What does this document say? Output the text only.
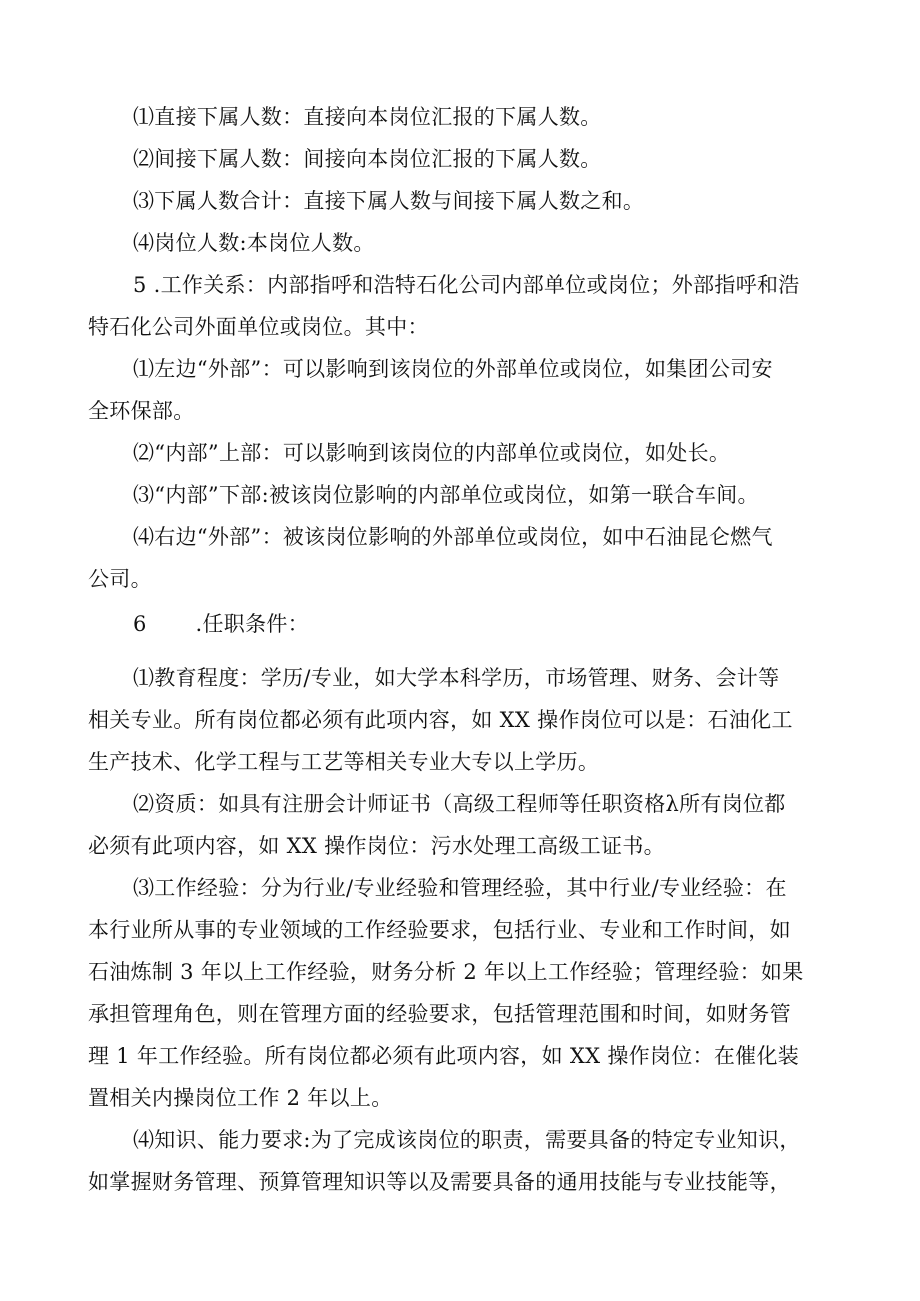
⑴直接下属人数：直接向本岗位汇报的下属人数。

⑵间接下属人数：间接向本岗位汇报的下属人数。

⑶下属人数合计：直接下属人数与间接下属人数之和。

⑷岗位人数:本岗位人数。

5 .工作关系：内部指呼和浩特石化公司内部单位或岗位；外部指呼和浩

特石化公司外面单位或岗位。其中：

⑴左边“外部”：可以影响到该岗位的外部单位或岗位，如集团公司安

全环保部。

⑵“内部”上部：可以影响到该岗位的内部单位或岗位，如处长。

⑶“内部”下部:被该岗位影响的内部单位或岗位，如第一联合车间。

⑷右边“外部”：被该岗位影响的外部单位或岗位，如中石油昆仑燃气

公司。

6       .任职条件：

⑴教育程度：学历/专业，如大学本科学历，市场管理、财务、会计等

相关专业。所有岗位都必须有此项内容，如 XX 操作岗位可以是：石油化工

生产技术、化学工程与工艺等相关专业大专以上学历。

⑵资质：如具有注册会计师证书（高级工程师等任职资格λ所有岗位都

必须有此项内容，如 XX 操作岗位：污水处理工高级工证书。

⑶工作经验：分为行业/专业经验和管理经验，其中行业/专业经验：在

本行业所从事的专业领域的工作经验要求，包括行业、专业和工作时间，如

石油炼制 3 年以上工作经验，财务分析 2 年以上工作经验；管理经验：如果

承担管理角色，则在管理方面的经验要求，包括管理范围和时间，如财务管

理 1 年工作经验。所有岗位都必须有此项内容，如 XX 操作岗位：在催化装

置相关内操岗位工作 2 年以上。

⑷知识、能力要求:为了完成该岗位的职责，需要具备的特定专业知识，

如掌握财务管理、预算管理知识等以及需要具备的通用技能与专业技能等，
